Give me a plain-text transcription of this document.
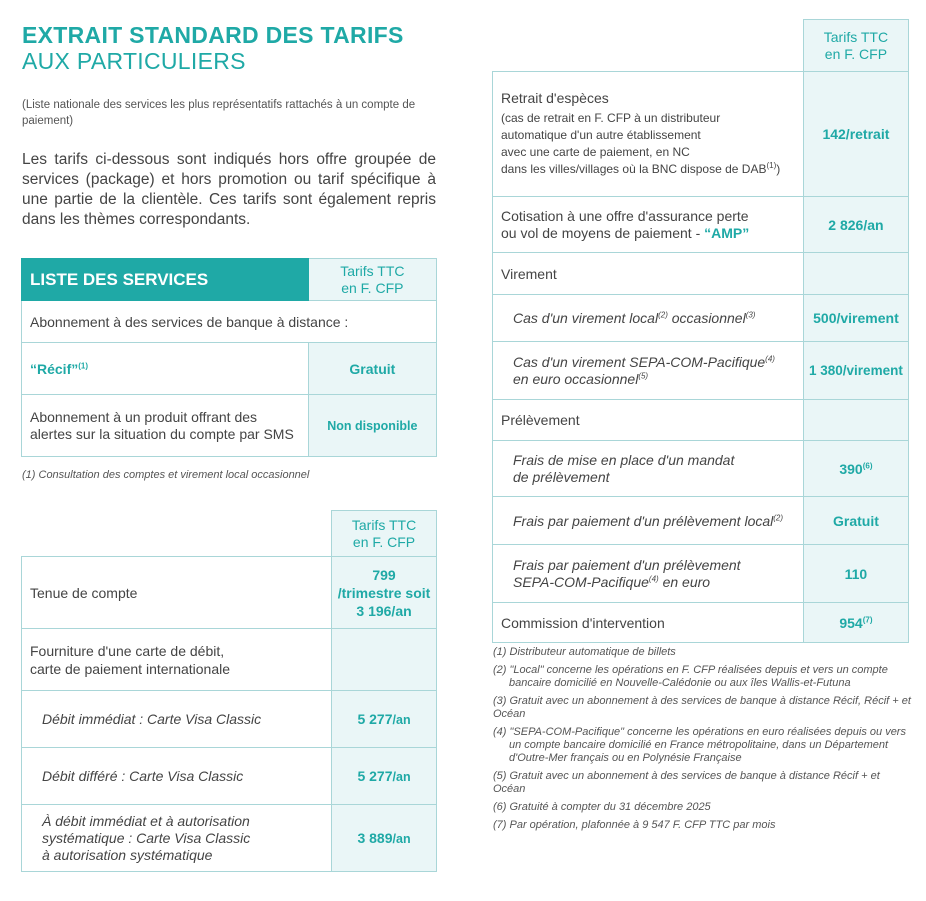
EXTRAIT STANDARD DES TARIFS
AUX PARTICULIERS
(Liste nationale des services les plus représentatifs rattachés à un compte de paiement)
Les tarifs ci-dessous sont indiqués hors offre groupée de services (package) et hors promotion ou tarif spécifique à une partie de la clientèle. Ces tarifs sont également repris dans les thèmes correspondants.
LISTE DES SERVICES	Tarifs TTC
en F. CFP

Abonnement à des services de banque à distance :	
“Récif”$^{(1)}$	Gratuit

Abonnement à un produit offrant des
alertes sur la situation du compte par SMS	Non disponible
(1) Consultation des comptes et virement local occasionnel

	Tarifs TTC
en F. CFP

Tenue de compte	799
/trimestre soit
3 196/an

Fourniture d'une carte de débit,
carte de paiement internationale	

Débit immédiat : Carte Visa Classic	5 277/an
Débit différé : Carte Visa Classic	5 277/an

À débit immédiat et à autorisation
systématique : Carte Visa Classic
à autorisation systématique	3 889/an

	Tarifs TTC
en F. CFP

Retrait d'espèces
(cas de retrait en F. CFP à un distributeur
automatique d'un autre établissement
avec une carte de paiement, en NC
dans les villes/villages où la BNC dispose de DAB$^{(1)}$)	142/retrait

Cotisation à une offre d'assurance perte
ou vol de moyens de paiement - “AMP”	2 826/an
Virement	
Cas d'un virement local$^{(2)}$ occasionnel$^{(3)}$	500/virement

Cas d'un virement SEPA-COM-Pacifique$^{(4)}$
en euro occasionnel$^{(5)}$	1 380/virement
Prélèvement	

Frais de mise en place d'un mandat
de prélèvement	390$^{(6)}$
Frais par paiement d'un prélèvement local$^{(2)}$	Gratuit

Frais par paiement d'un prélèvement
SEPA-COM-Pacifique$^{(4)}$ en euro	110
Commission d'intervention	954$^{(7)}$
(1) Distributeur automatique de billets
(2) "Local" concerne les opérations en F. CFP réalisées depuis et vers un compte
bancaire domicilié en Nouvelle-Calédonie ou aux îles Wallis-et-Futuna
(3) Gratuit avec un abonnement à des services de banque à distance Récif, Récif + et Océan
(4) "SEPA-COM-Pacifique" concerne les opérations en euro réalisées depuis ou vers
un compte bancaire domicilié en France métropolitaine, dans un Département
d'Outre-Mer français ou en Polynésie Française
(5) Gratuit avec un abonnement à des services de banque à distance Récif + et Océan
(6) Gratuité à compter du 31 décembre 2025
(7) Par opération, plafonnée à 9 547 F. CFP TTC par mois
